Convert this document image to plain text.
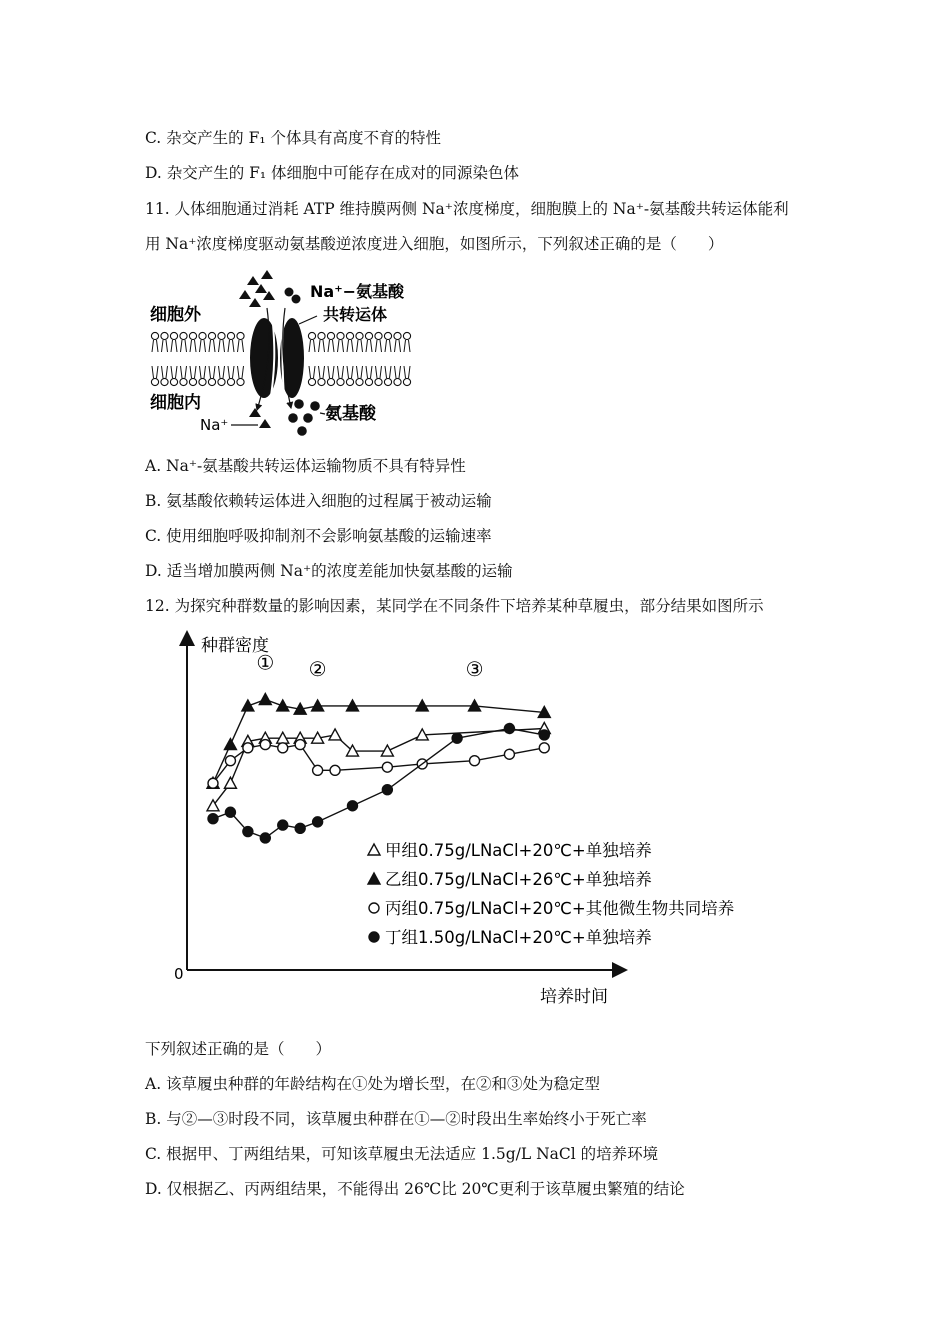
C. 杂交产生的 F₁ 个体具有高度不育的特性
D. 杂交产生的 F₁ 体细胞中可能存在成对的同源染色体
11. 人体细胞通过消耗 ATP 维持膜两侧 Na⁺浓度梯度，细胞膜上的 Na⁺-氨基酸共转运体能利
用 Na⁺浓度梯度驱动氨基酸逆浓度进入细胞，如图所示，下列叙述正确的是（　　）
细胞外
细胞内
Na⁺−氨基酸
共转运体
氨基酸
Na⁺
A. Na⁺-氨基酸共转运体运输物质不具有特异性
B. 氨基酸依赖转运体进入细胞的过程属于被动运输
C. 使用细胞呼吸抑制剂不会影响氨基酸的运输速率
D. 适当增加膜两侧 Na⁺的浓度差能加快氨基酸的运输
12. 为探究种群数量的影响因素，某同学在不同条件下培养某种草履虫，部分结果如图所示
种群密度
培养时间
0
① ②	③
甲组0.75g/LNaCl+20℃+单独培养
乙组0.75g/LNaCl+26℃+单独培养
丙组0.75g/LNaCl+20℃+其他微生物共同培养
丁组1.50g/LNaCl+20℃+单独培养
下列叙述正确的是（　　）
A. 该草履虫种群的年龄结构在①处为增长型，在②和③处为稳定型
B. 与②—③时段不同，该草履虫种群在①—②时段出生率始终小于死亡率
C. 根据甲、丁两组结果，可知该草履虫无法适应 1.5g/L NaCl 的培养环境
D. 仅根据乙、丙两组结果，不能得出 26℃比 20℃更利于该草履虫繁殖的结论
